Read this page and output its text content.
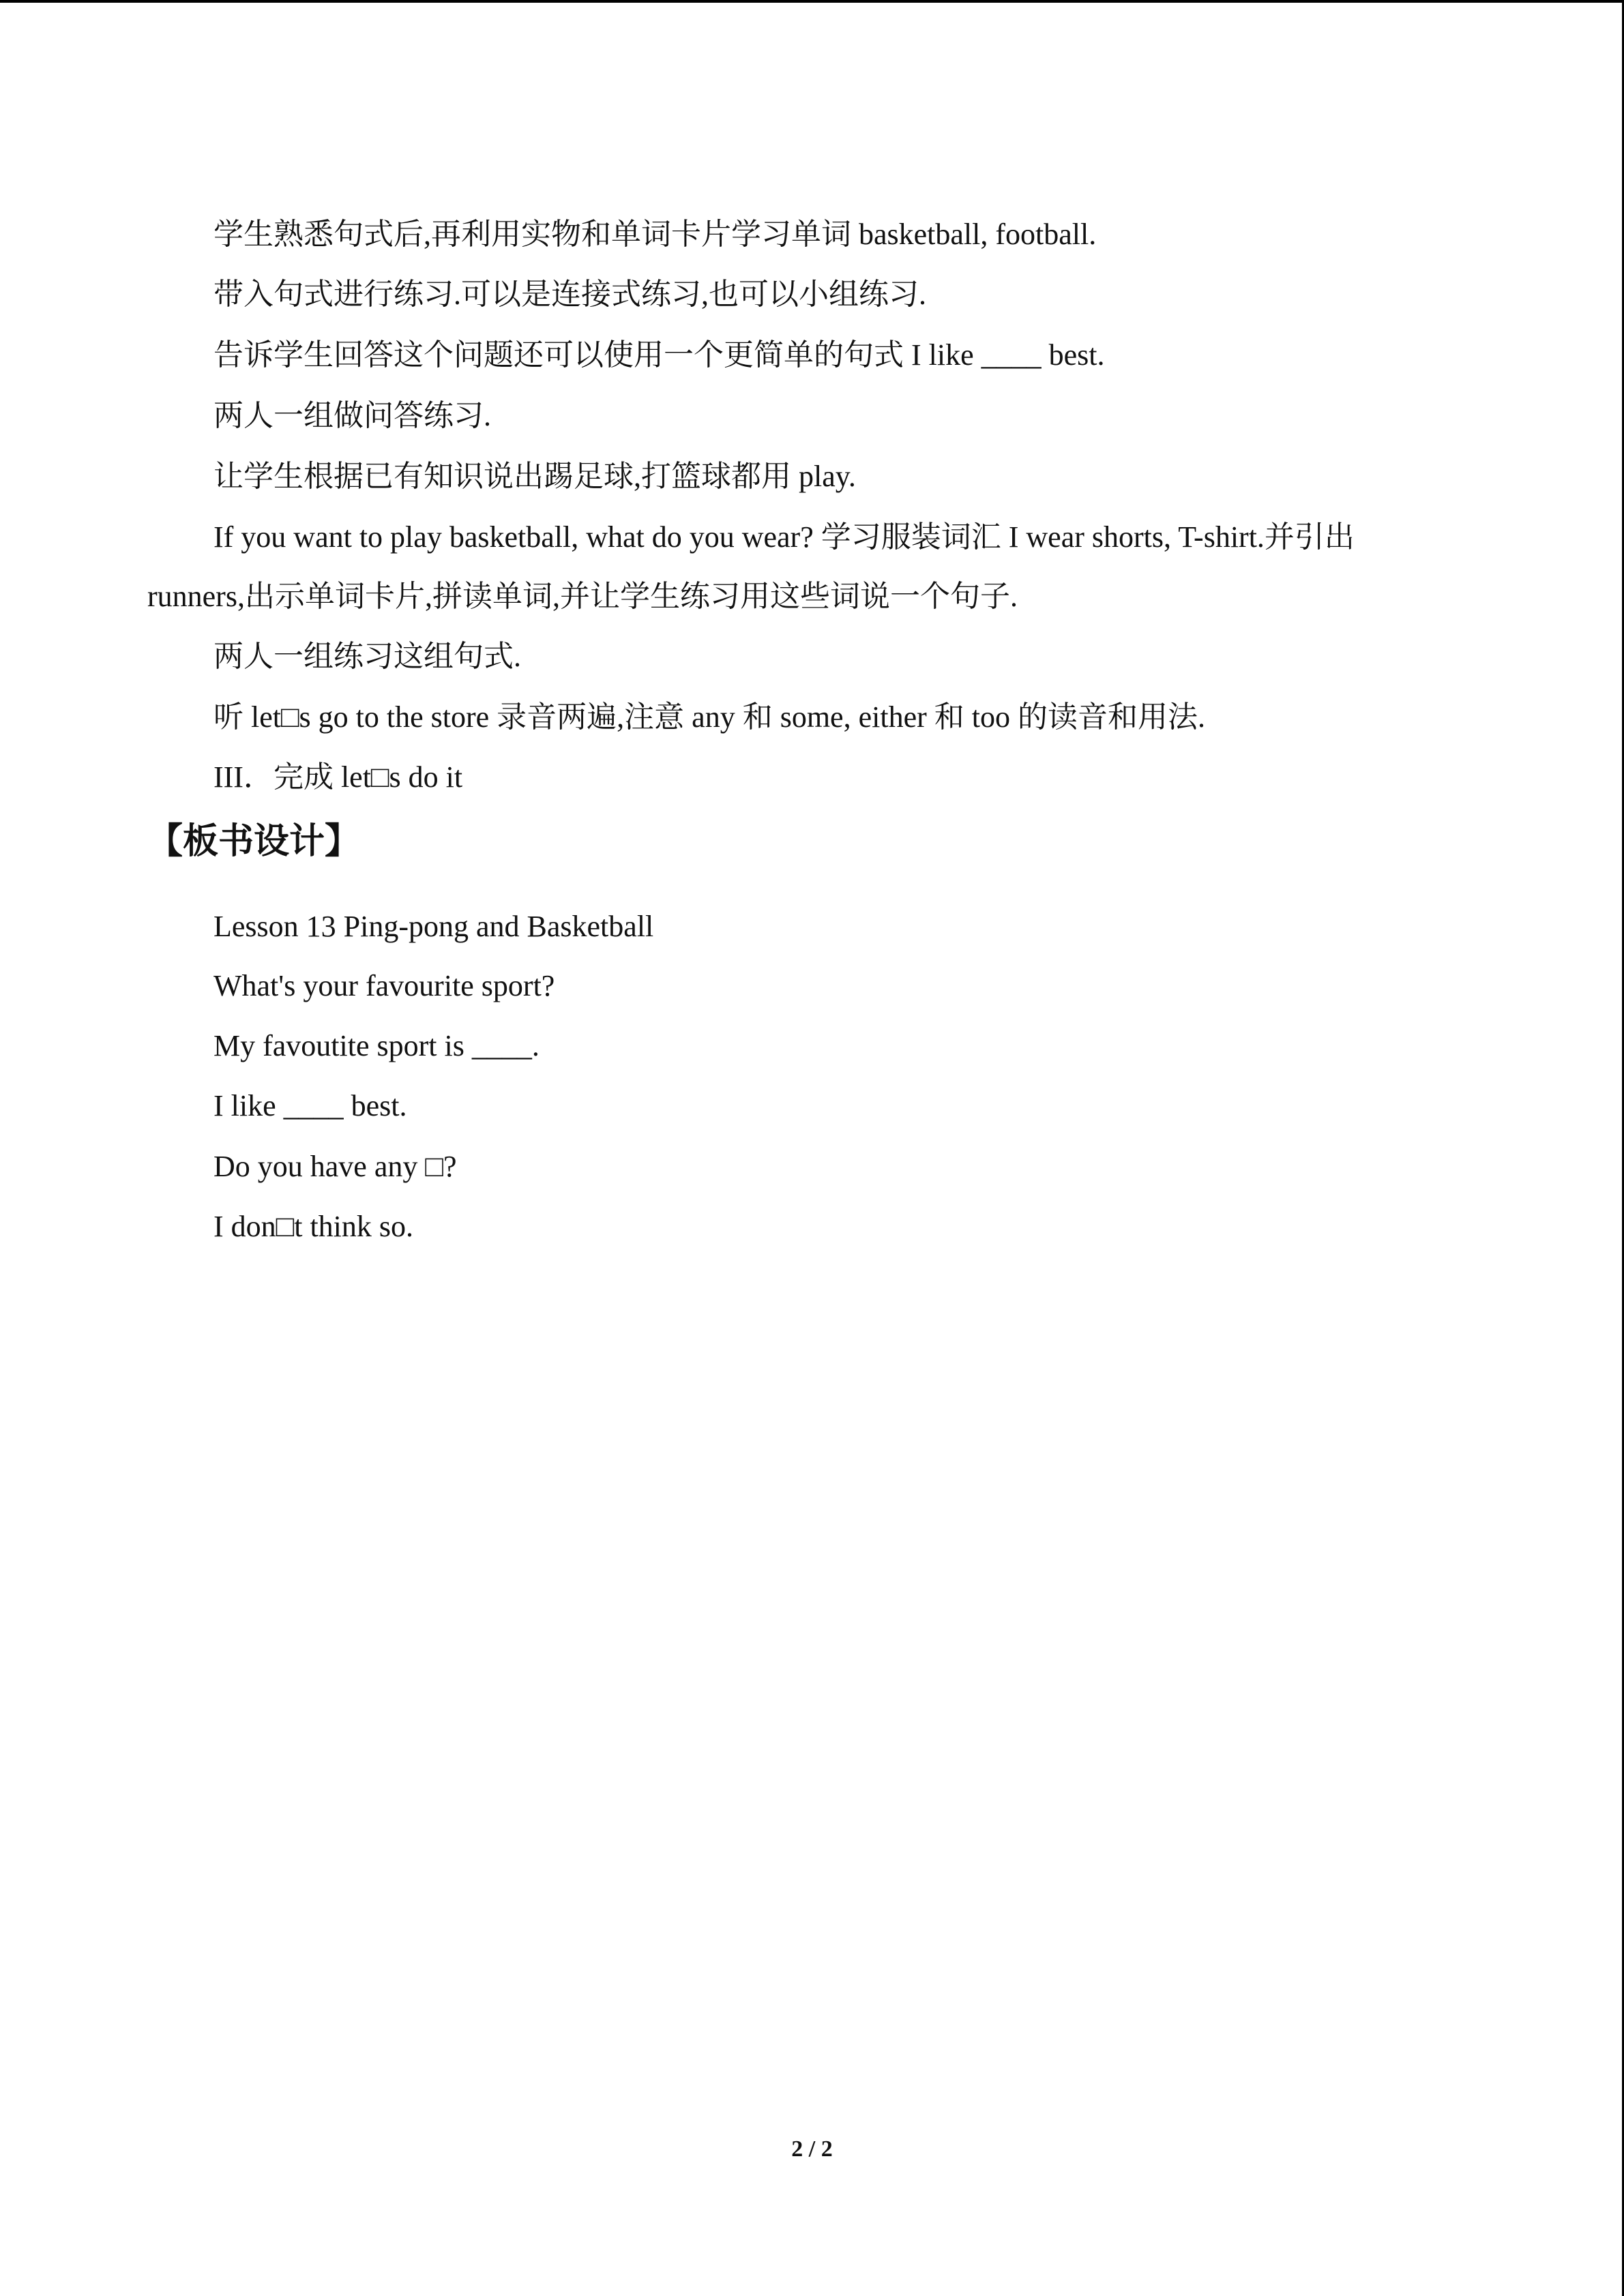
学生熟悉句式后,再利用实物和单词卡片学习单词 basketball, football.
带入句式进行练习.可以是连接式练习,也可以小组练习.
告诉学生回答这个问题还可以使用一个更简单的句式 I like ____ best.
两人一组做问答练习.
让学生根据已有知识说出踢足球,打篮球都用 play.
If you want to play basketball, what do you wear? 学习服装词汇 I wear shorts, T-shirt.并引出
runners,出示单词卡片,拼读单词,并让学生练习用这些词说一个句子.
两人一组练习这组句式.
听 let□s go to the store 录音两遍,注意 any 和 some, either 和 too 的读音和用法.
III．完成 let□s do it
【板书设计】
Lesson 13 Ping-pong and Basketball
What's your favourite sport?
My favoutite sport is ____.
I like ____ best.
Do you have any □?
I don□t think so.
2 / 2
